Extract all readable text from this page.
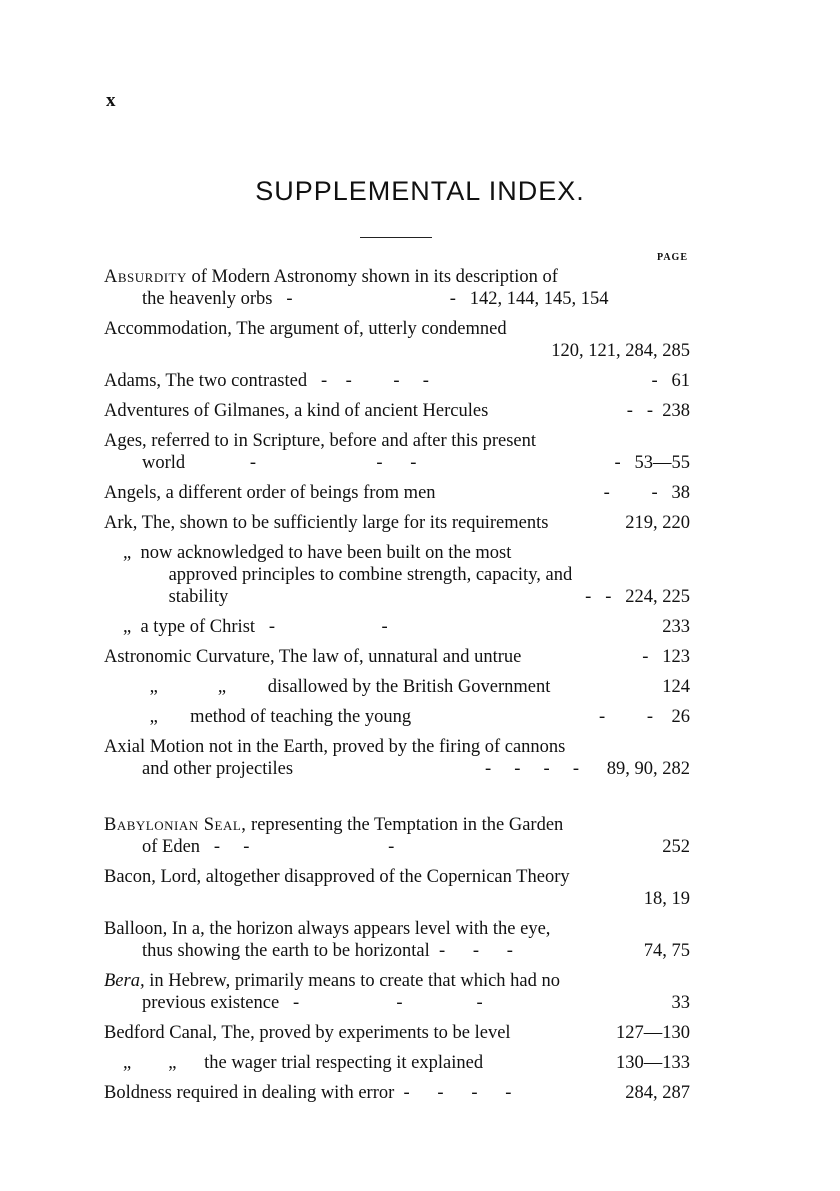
x
SUPPLEMENTAL INDEX.
PAGE
Absurdity of Modern Astronomy shown in its description of
the heavenly orbs   -                                  -   142, 144, 145, 154
Accommodation, The argument of, utterly condemned
120, 121, 284, 285
Adams, The two contrasted   -    -         -     -	-   61
Adventures of Gilmanes, a kind of ancient Hercules	-   -  238
Ages, referred to in Scripture, before and after this present
world              -                          -      -	-   53—55
Angels, a different order of beings from men	-         -   38
Ark, The, shown to be sufficiently large for its requirements	219, 220
„  now acknowledged to have been built on the most
approved principles to combine strength, capacity, and
stability	-   -   224, 225
„  a type of Christ   -                       -	233
Astronomic Curvature, The law of, unnatural and untrue	-   123
„             „         disallowed by the British Government	124
„       method of teaching the young	-         -    26
Axial Motion not in the Earth, proved by the firing of cannons
and other projectiles	-     -     -     -      89, 90, 282
Babylonian Seal, representing the Temptation in the Garden
of Eden   -     -                              -	252
Bacon, Lord, altogether disapproved of the Copernican Theory
18, 19
Balloon, In a, the horizon always appears level with the eye,
thus showing the earth to be horizontal  -      -      -	74, 75
Bera, in Hebrew, primarily means to create that which had no
previous existence   -                     -                -	33
Bedford Canal, The, proved by experiments to be level	127—130
„        „      the wager trial respecting it explained	130—133
Boldness required in dealing with error  -      -      -      -	284, 287
